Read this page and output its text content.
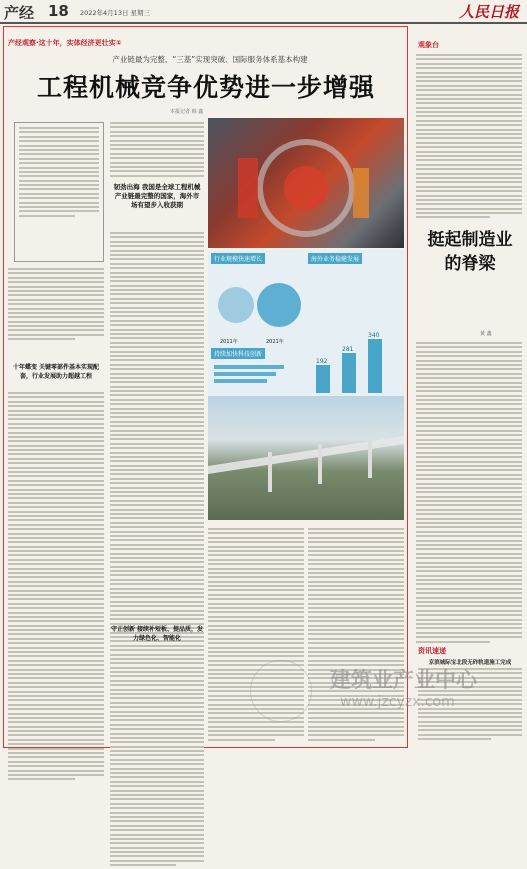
产经 18 2022年4月13日 星期三	人民日报
产经观察·这十年，实体经济更壮实①
产业链最为完整、“三基”实现突破、国际服务体系基本构建
工程机械竞争优势进一步增强
本报记者 韩 鑫
十年蝶变 关键零部件基本实现配套，行业发展助力超越工程
韧劲出海 我国是全球工程机械产业链最完整的国家，海外市场有望步入收获期
守正创新 接续补短板、提品质，发力绿色化、智能化
行业规模快速增长	海外业务稳健发展
持续加快科技创新
2011年	2021年
192
281
340
观象台
挺起制造业的脊梁
黄 鑫
资讯速递
京滨城际宝北段无砟轨道施工完成
建筑业产业中心
www.jzcyzx.com
